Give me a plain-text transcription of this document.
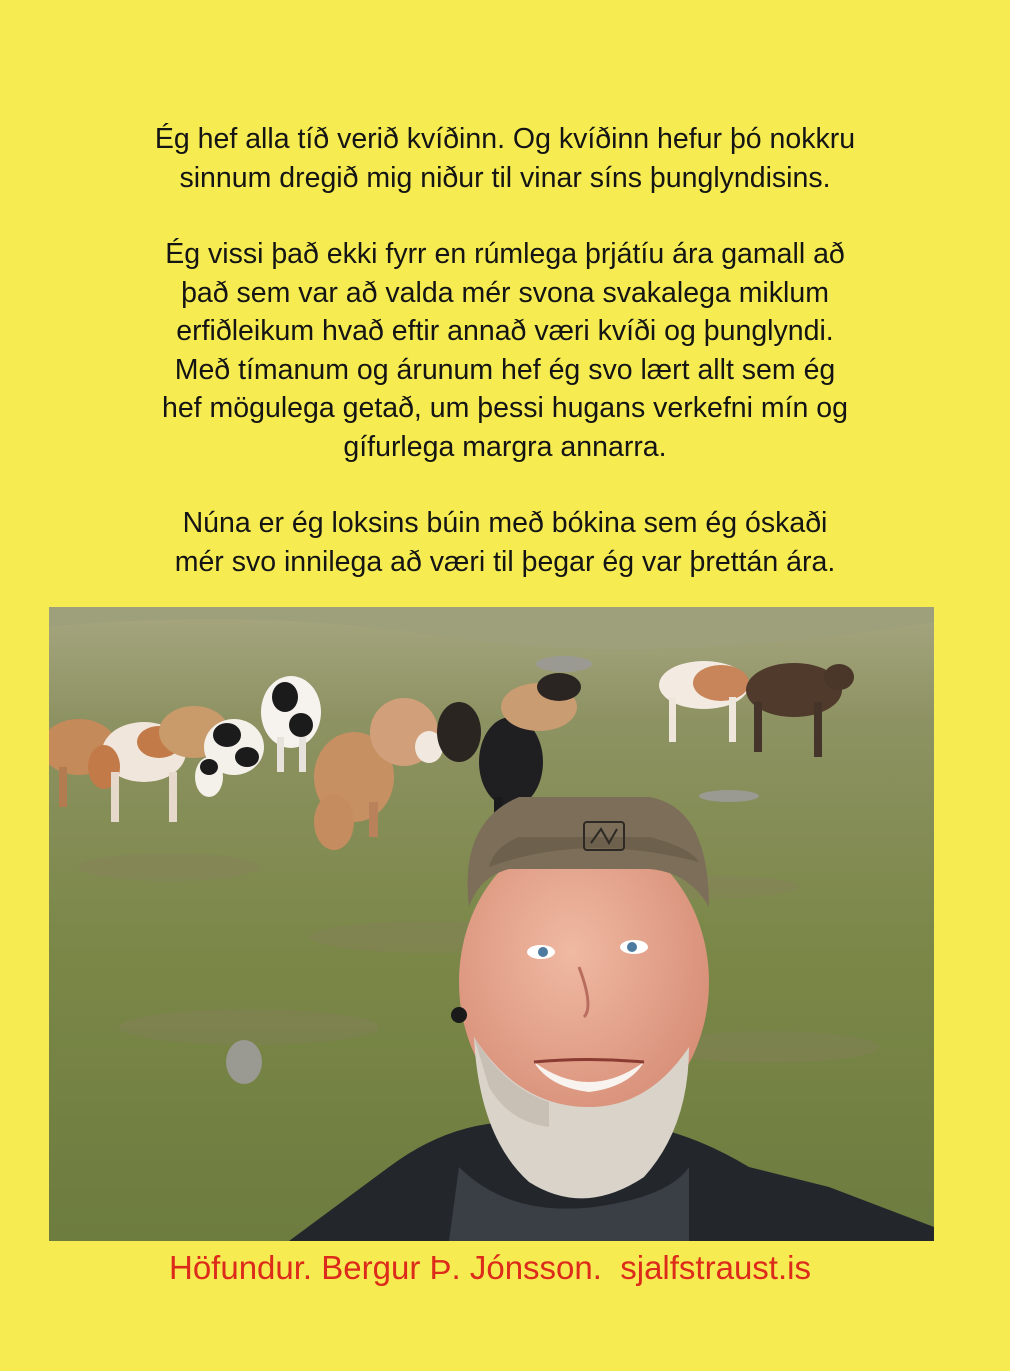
Ég hef alla tíð verið kvíðinn. Og kvíðinn hefur þó nokkru
sinnum dregið mig niður til vinar síns þunglyndisins.

Ég vissi það ekki fyrr en rúmlega þrjátíu ára gamall að
það sem var að valda mér svona svakalega miklum
erfiðleikum hvað eftir annað væri kvíði og þunglyndi.
Með tímanum og árunum hef ég svo lært allt sem ég
hef mögulega getað, um þessi hugans verkefni mín og
gífurlega margra annarra.

Núna er ég loksins búin með bókina sem ég óskaði
mér svo innilega að væri til þegar ég var þrettán ára.

Höfundur. Bergur Þ. Jónsson.  sjalfstraust.is
